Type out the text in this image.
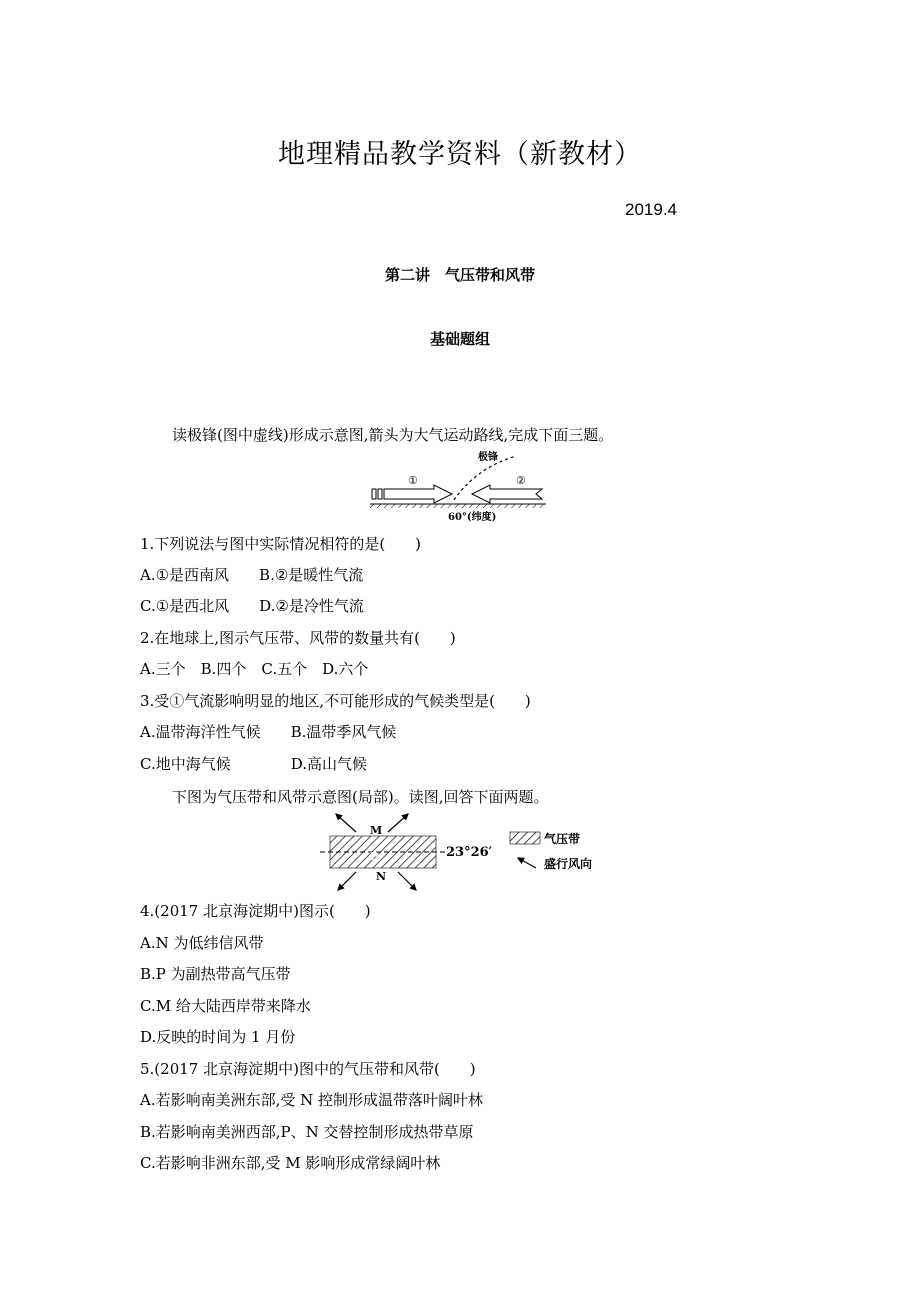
地理精品教学资料（新教材）
2019.4
第二讲　气压带和风带
基础题组
读极锋(图中虚线)形成示意图,箭头为大气运动路线,完成下面三题。
极锋
①	②
60°(纬度)
1.下列说法与图中实际情况相符的是(　　)
A.①是西南风　　B.②是暖性气流
C.①是西北风　　D.②是冷性气流
2.在地球上,图示气压带、风带的数量共有(　　)
A.三个　B.四个　C.五个　D.六个
3.受①气流影响明显的地区,不可能形成的气候类型是(　　)
A.温带海洋性气候　　B.温带季风气候
C.地中海气候　　　　D.高山气候
下图为气压带和风带示意图(局部)。读图,回答下面两题。
M
P
N
23°26′
气压带
盛行风向
4.(2017 北京海淀期中)图示(　　)
A.N 为低纬信风带
B.P 为副热带高气压带
C.M 给大陆西岸带来降水
D.反映的时间为 1 月份
5.(2017 北京海淀期中)图中的气压带和风带(　　)
A.若影响南美洲东部,受 N 控制形成温带落叶阔叶林
B.若影响南美洲西部,P、N 交替控制形成热带草原
C.若影响非洲东部,受 M 影响形成常绿阔叶林
